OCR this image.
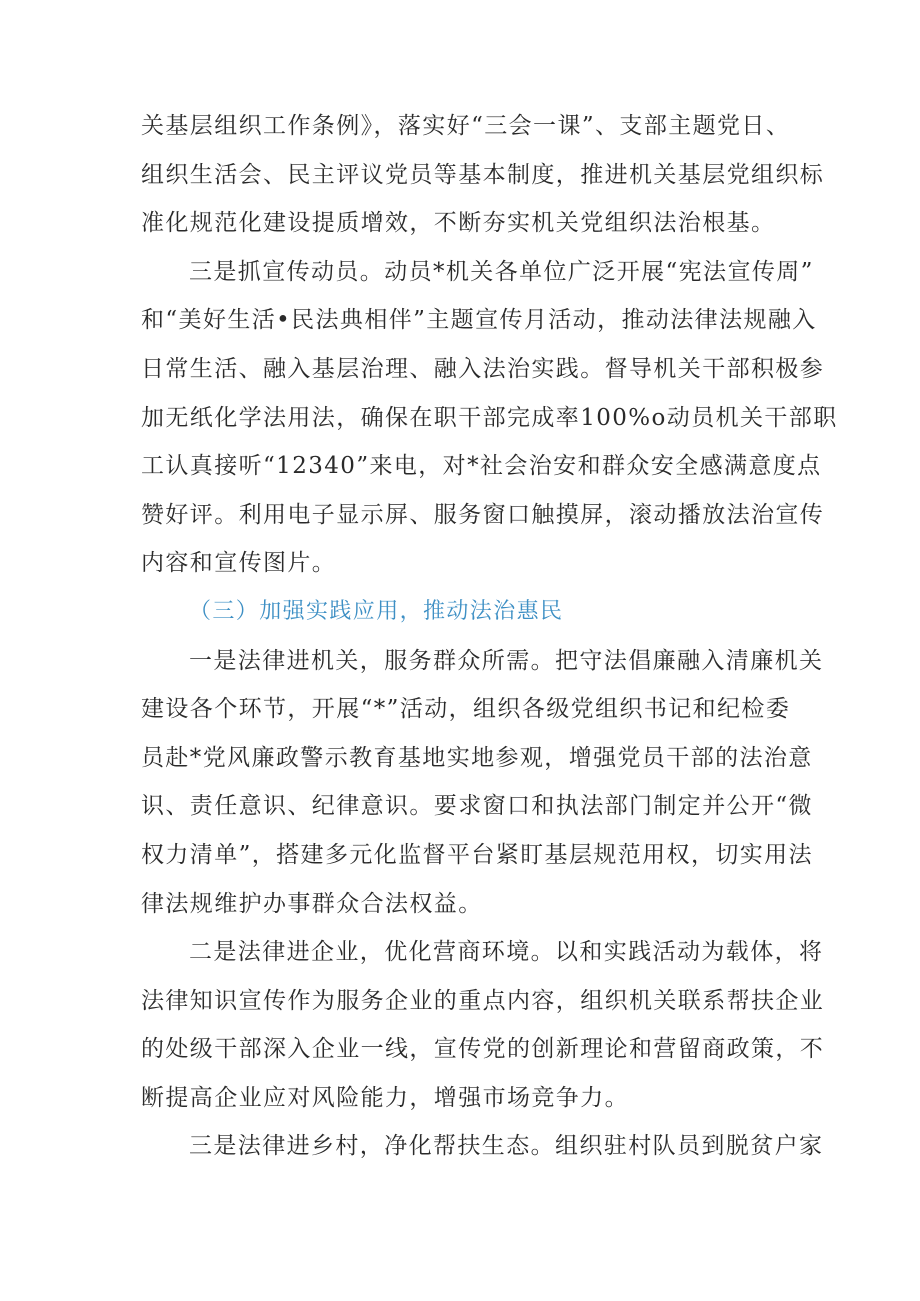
关基层组织工作条例》，落实好“三会一课”、支部主题党日、
组织生活会、民主评议党员等基本制度，推进机关基层党组织标
准化规范化建设提质增效，不断夯实机关党组织法治根基。
三是抓宣传动员。动员*机关各单位广泛开展“宪法宣传周”
和“美好生活•民法典相伴”主题宣传月活动，推动法律法规融入
日常生活、融入基层治理、融入法治实践。督导机关干部积极参
加无纸化学法用法，确保在职干部完成率100%o动员机关干部职
工认真接听“12340”来电，对*社会治安和群众安全感满意度点
赞好评。利用电子显示屏、服务窗口触摸屏，滚动播放法治宣传
内容和宣传图片。
（三）加强实践应用，推动法治惠民
一是法律进机关，服务群众所需。把守法倡廉融入清廉机关
建设各个环节，开展“*”活动，组织各级党组织书记和纪检委
员赴*党风廉政警示教育基地实地参观，增强党员干部的法治意
识、责任意识、纪律意识。要求窗口和执法部门制定并公开“微
权力清单”，搭建多元化监督平台紧盯基层规范用权，切实用法
律法规维护办事群众合法权益。
二是法律进企业，优化营商环境。以和实践活动为载体，将
法律知识宣传作为服务企业的重点内容，组织机关联系帮扶企业
的处级干部深入企业一线，宣传党的创新理论和营留商政策，不
断提高企业应对风险能力，增强市场竞争力。
三是法律进乡村，净化帮扶生态。组织驻村队员到脱贫户家
